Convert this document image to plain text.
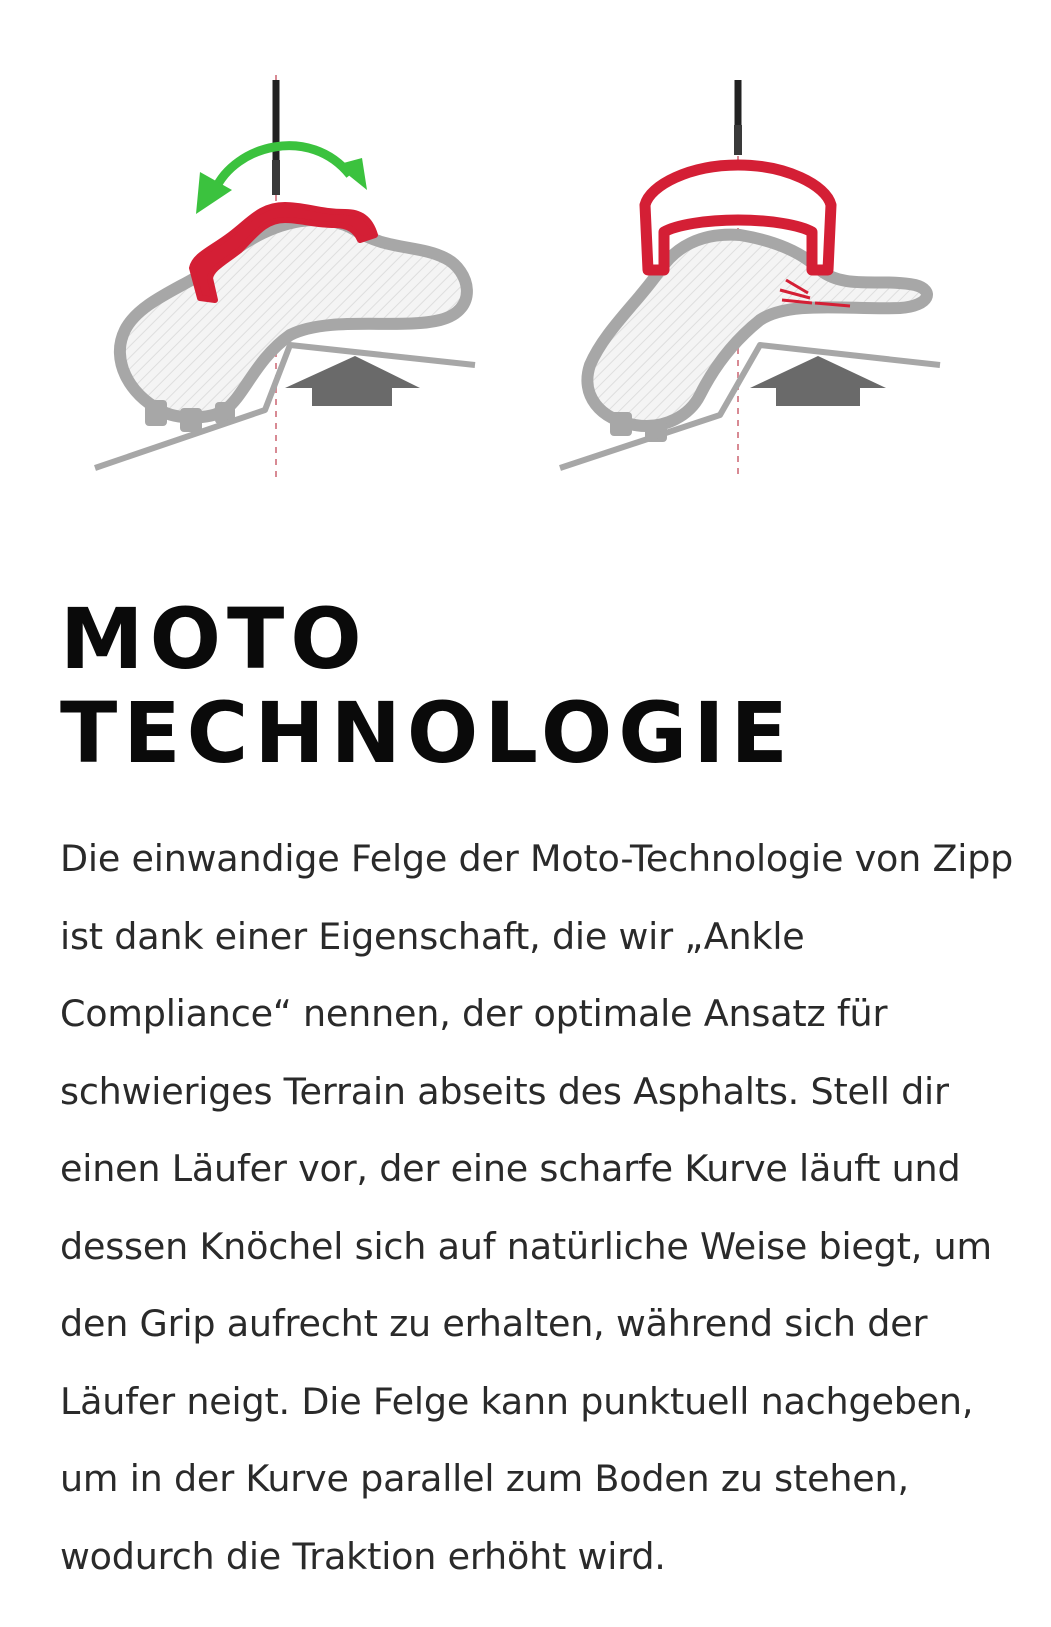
MOTO
TECHNOLOGIE

Die einwandige Felge der Moto-Technologie von Zipp ist dank einer Eigenschaft, die wir „Ankle Compliance“ nennen, der optimale Ansatz für schwieriges Terrain abseits des Asphalts. Stell dir einen Läufer vor, der eine scharfe Kurve läuft und dessen Knöchel sich auf natürliche Weise biegt, um den Grip aufrecht zu erhalten, während sich der Läufer neigt. Die Felge kann punktuell nachgeben, um in der Kurve parallel zum Boden zu stehen, wodurch die Traktion erhöht wird.
